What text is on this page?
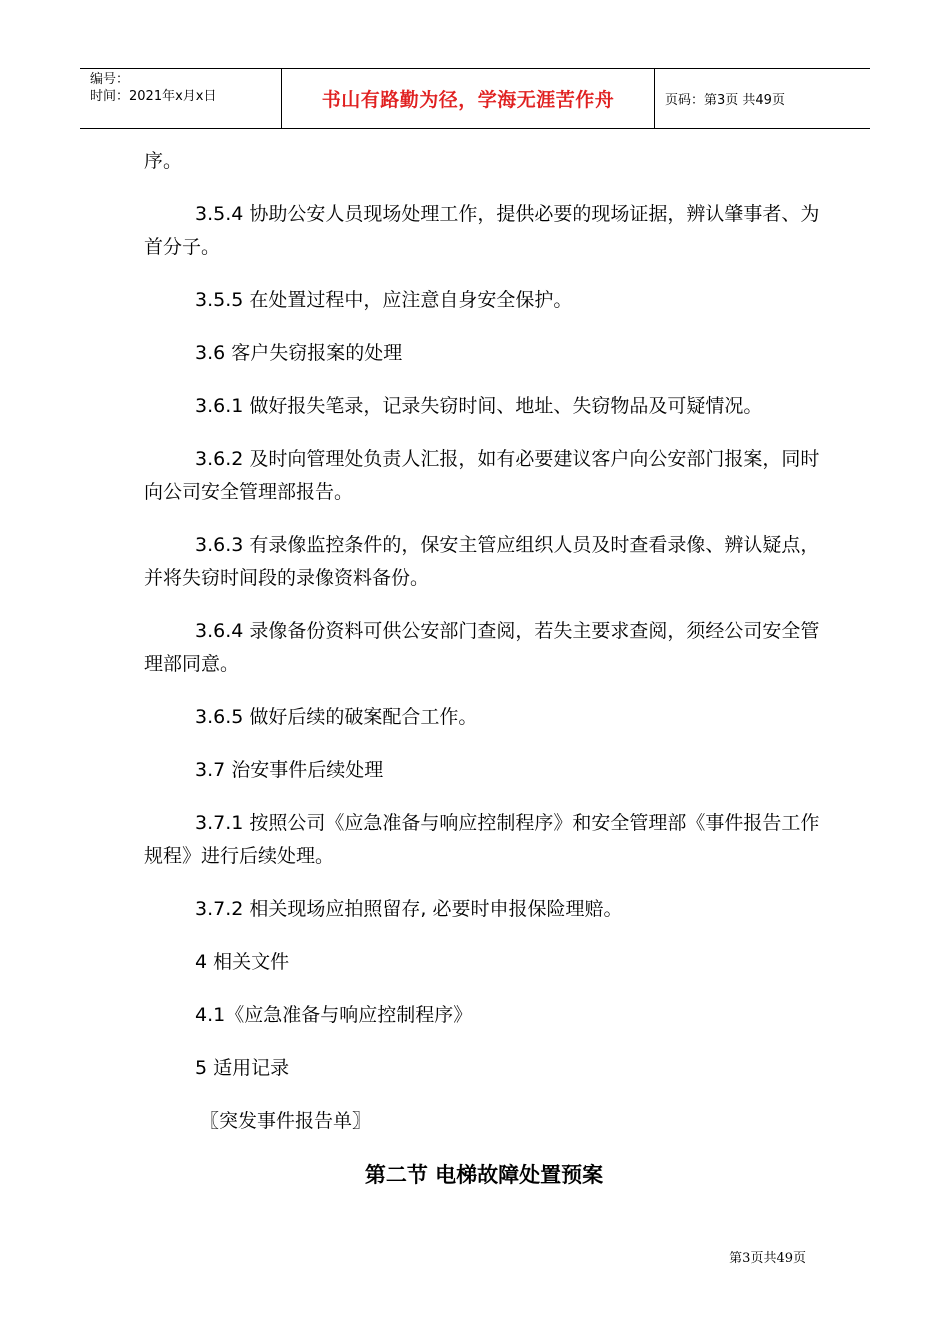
编号：
时间：2021年x月x日	书山有路勤为径，学海无涯苦作舟	页码：第3页 共49页

序。

3.5.4 协助公安人员现场处理工作，提供必要的现场证据，辨认肇事者、为首分子。

3.5.5 在处置过程中，应注意自身安全保护。

3.6 客户失窃报案的处理

3.6.1 做好报失笔录，记录失窃时间、地址、失窃物品及可疑情况。

3.6.2 及时向管理处负责人汇报，如有必要建议客户向公安部门报案，同时向公司安全管理部报告。

3.6.3 有录像监控条件的，保安主管应组织人员及时查看录像、辨认疑点，并将失窃时间段的录像资料备份。

3.6.4 录像备份资料可供公安部门查阅，若失主要求查阅，须经公司安全管理部同意。

3.6.5 做好后续的破案配合工作。

3.7 治安事件后续处理

3.7.1 按照公司《应急准备与响应控制程序》和安全管理部《事件报告工作规程》进行后续处理。

3.7.2 相关现场应拍照留存, 必要时申报保险理赔。

4 相关文件

4.1《应急准备与响应控制程序》

5 适用记录

〖突发事件报告单〗

第二节 电梯故障处置预案
第3页共49页
